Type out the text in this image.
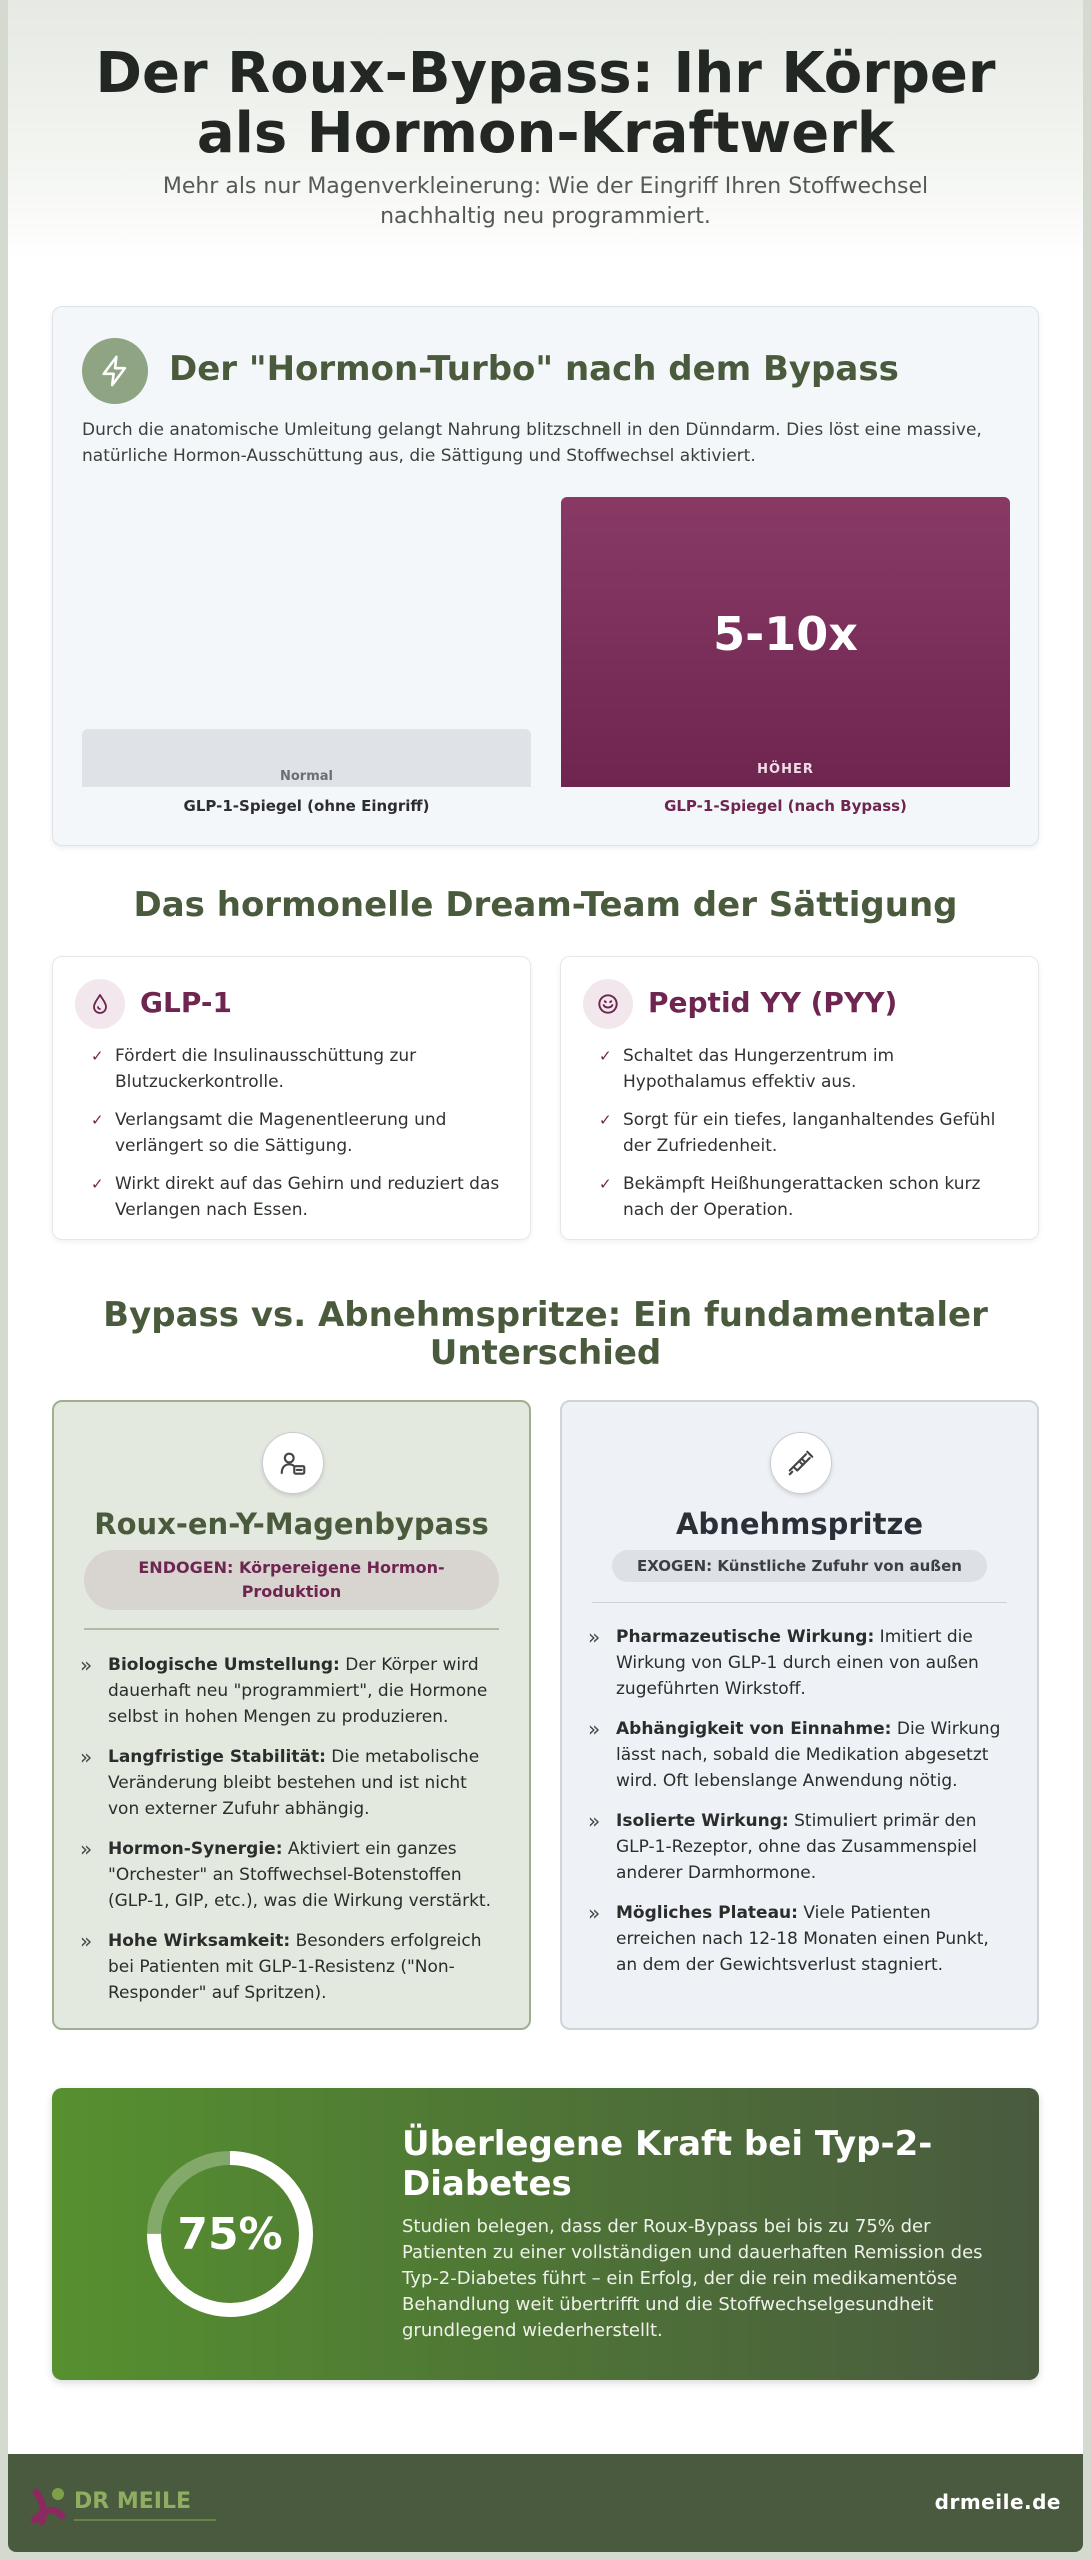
Der Roux-Bypass: Ihr Körper als Hormon-Kraftwerk

Mehr als nur Magenverkleinerung: Wie der Eingriff Ihren Stoffwechsel nachhaltig neu programmiert.

Der "Hormon-Turbo" nach dem Bypass

Durch die anatomische Umleitung gelangt Nahrung blitzschnell in den Dünndarm. Dies löst eine massive, natürliche Hormon-Ausschüttung aus, die Sättigung und Stoffwechsel aktiviert.

Normal
5-10x
HÖHER
GLP-1-Spiegel (ohne Eingriff)	GLP-1-Spiegel (nach Bypass)
Das hormonelle Dream-Team der Sättigung
GLP-1
✓ Fördert die Insulinausschüttung zur Blutzuckerkontrolle.
✓ Verlangsamt die Magenentleerung und verlängert so die Sättigung.
✓ Wirkt direkt auf das Gehirn und reduziert das Verlangen nach Essen.
Peptid YY (PYY)
✓ Schaltet das Hungerzentrum im Hypothalamus effektiv aus.
✓ Sorgt für ein tiefes, langanhaltendes Gefühl der Zufriedenheit.
✓ Bekämpft Heißhungerattacken schon kurz nach der Operation.
Bypass vs. Abnehmspritze: Ein fundamentaler Unterschied
Roux-en-Y-Magenbypass
ENDOGEN: Körpereigene Hormon-Produktion
» Biologische Umstellung: Der Körper wird dauerhaft neu "programmiert", die Hormone selbst in hohen Mengen zu produzieren.
» Langfristige Stabilität: Die metabolische Veränderung bleibt bestehen und ist nicht von externer Zufuhr abhängig.
» Hormon-Synergie: Aktiviert ein ganzes "Orchester" an Stoffwechsel-Botenstoffen (GLP-1, GIP, etc.), was die Wirkung verstärkt.
» Hohe Wirksamkeit: Besonders erfolgreich bei Patienten mit GLP-1-Resistenz ("Non-Responder" auf Spritzen).
Abnehmspritze
EXOGEN: Künstliche Zufuhr von außen
» Pharmazeutische Wirkung: Imitiert die Wirkung von GLP-1 durch einen von außen zugeführten Wirkstoff.
» Abhängigkeit von Einnahme: Die Wirkung lässt nach, sobald die Medikation abgesetzt wird. Oft lebenslange Anwendung nötig.
» Isolierte Wirkung: Stimuliert primär den GLP-1-Rezeptor, ohne das Zusammenspiel anderer Darmhormone.
» Mögliches Plateau: Viele Patienten erreichen nach 12-18 Monaten einen Punkt, an dem der Gewichtsverlust stagniert.
75%
Überlegene Kraft bei Typ-2-Diabetes

Studien belegen, dass der Roux-Bypass bei bis zu 75% der Patienten zu einer vollständigen und dauerhaften Remission des Typ-2-Diabetes führt – ein Erfolg, der die rein medikamentöse Behandlung weit übertrifft und die Stoffwechselgesundheit grundlegend wiederherstellt.

DR MEILE	drmeile.de
